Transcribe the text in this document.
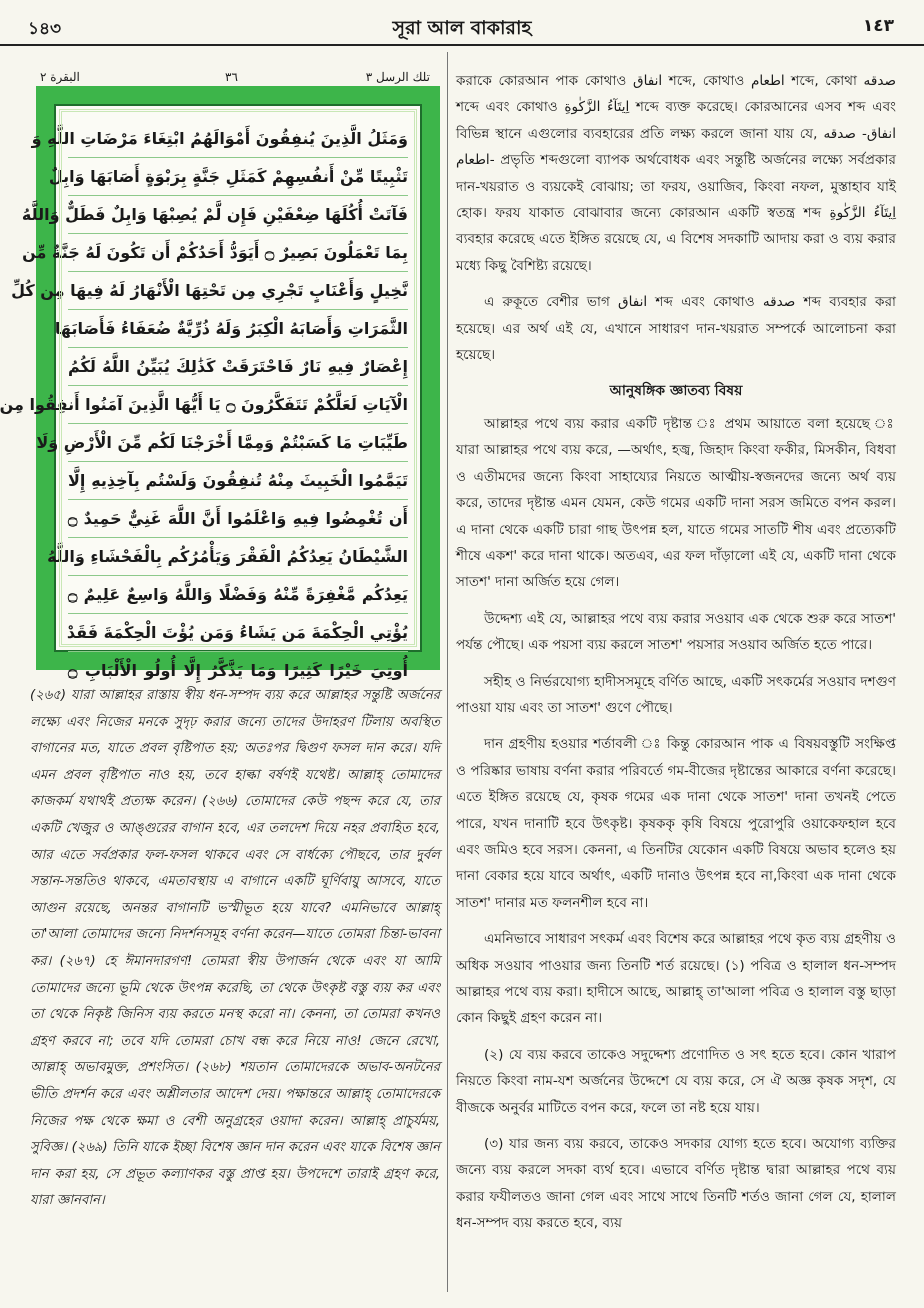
১৪৩	সূরা আল বাকারাহ	١٤٣
البقرة ٢	٣٦	تلك الرسل ٣
وَمَثَلُ الَّذِينَ يُنفِقُونَ أَمْوَالَهُمُ ابْتِغَاءَ مَرْضَاتِ اللَّهِ وَ
تَثْبِيتًا مِّنْ أَنفُسِهِمْ كَمَثَلِ جَنَّةٍ بِرَبْوَةٍ أَصَابَهَا وَابِلٌ
فَآتَتْ أُكُلَهَا ضِعْفَيْنِ فَإِن لَّمْ يُصِبْهَا وَابِلٌ فَطَلٌّ وَاللَّهُ
بِمَا تَعْمَلُونَ بَصِيرٌ ۝ أَيَوَدُّ أَحَدُكُمْ أَن تَكُونَ لَهُ جَنَّةٌ مِّن
نَّخِيلٍ وَأَعْنَابٍ تَجْرِي مِن تَحْتِهَا الْأَنْهَارُ لَهُ فِيهَا مِن كُلِّ
الثَّمَرَاتِ وَأَصَابَهُ الْكِبَرُ وَلَهُ ذُرِّيَّةٌ ضُعَفَاءُ فَأَصَابَهَا
إِعْصَارٌ فِيهِ نَارٌ فَاحْتَرَقَتْ كَذَٰلِكَ يُبَيِّنُ اللَّهُ لَكُمُ
الْآيَاتِ لَعَلَّكُمْ تَتَفَكَّرُونَ ۝ يَا أَيُّهَا الَّذِينَ آمَنُوا أَنفِقُوا مِن
طَيِّبَاتِ مَا كَسَبْتُمْ وَمِمَّا أَخْرَجْنَا لَكُم مِّنَ الْأَرْضِ وَلَا
تَيَمَّمُوا الْخَبِيثَ مِنْهُ تُنفِقُونَ وَلَسْتُم بِآخِذِيهِ إِلَّا
أَن تُغْمِضُوا فِيهِ وَاعْلَمُوا أَنَّ اللَّهَ غَنِيٌّ حَمِيدٌ ۝
الشَّيْطَانُ يَعِدُكُمُ الْفَقْرَ وَيَأْمُرُكُم بِالْفَحْشَاءِ وَاللَّهُ
يَعِدُكُم مَّغْفِرَةً مِّنْهُ وَفَضْلًا وَاللَّهُ وَاسِعٌ عَلِيمٌ ۝
يُؤْتِي الْحِكْمَةَ مَن يَشَاءُ وَمَن يُؤْتَ الْحِكْمَةَ فَقَدْ
أُوتِيَ خَيْرًا كَثِيرًا وَمَا يَذَّكَّرُ إِلَّا أُولُو الْأَلْبَابِ ۝
(২৬৫) যারা আল্লাহর রাস্তায় স্বীয় ধন-সম্পদ ব্যয় করে আল্লাহর সন্তুষ্টি অর্জনের লক্ষ্যে এবং নিজের মনকে সুদৃঢ় করার জন্যে তাদের উদাহরণ টিলায় অবস্থিত বাগানের মত, যাতে প্রবল বৃষ্টিপাত হয়; অতঃপর দ্বিগুণ ফসল দান করে। যদি এমন প্রবল বৃষ্টিপাত নাও হয়, তবে হাল্কা বর্ষণই যথেষ্ট। আল্লাহ্ তোমাদের কাজকর্ম যথার্থই প্রত্যক্ষ করেন। (২৬৬) তোমাদের কেউ পছন্দ করে যে, তার একটি খেজুর ও আঙ্গুরের বাগান হবে, এর তলদেশ দিয়ে নহর প্রবাহিত হবে, আর এতে সর্বপ্রকার ফল-ফসল থাকবে এবং সে বার্ধক্যে পৌছবে, তার দুর্বল সন্তান-সন্ততিও থাকবে, এমতাবস্থায় এ বাগানে একটি ঘূর্ণিবায়ু আসবে, যাতে আগুন রয়েছে, অনন্তর বাগানটি ভস্মীভূত হয়ে যাবে? এমনিভাবে আল্লাহ্ তা'আলা তোমাদের জন্যে নিদর্শনসমূহ বর্ণনা করেন—যাতে তোমরা চিন্তা-ভাবনা কর। (২৬৭) হে ঈমানদারগণ! তোমরা স্বীয় উপার্জন থেকে এবং যা আমি তোমাদের জন্যে ভূমি থেকে উৎপন্ন করেছি, তা থেকে উৎকৃষ্ট বস্তু ব্যয় কর এবং তা থেকে নিকৃষ্ট জিনিস ব্যয় করতে মনস্থ করো না। কেননা, তা তোমরা কখনও গ্রহণ করবে না; তবে যদি তোমরা চোখ বন্ধ করে নিয়ে নাও! জেনে রেখো, আল্লাহ্ অভাবমুক্ত, প্রশংসিত। (২৬৮) শয়তান তোমাদেরকে অভাব-অনটনের ভীতি প্রদর্শন করে এবং অশ্লীলতার আদেশ দেয়। পক্ষান্তরে আল্লাহ্ তোমাদেরকে নিজের পক্ষ থেকে ক্ষমা ও বেশী অনুগ্রহের ওয়াদা করেন। আল্লাহ্ প্রাচুর্যময়, সুবিজ্ঞ। (২৬৯) তিনি যাকে ইচ্ছা বিশেষ জ্ঞান দান করেন এবং যাকে বিশেষ জ্ঞান দান করা হয়, সে প্রভূত কল্যাণকর বস্তু প্রাপ্ত হয়। উপদেশে তারাই গ্রহণ করে, যারা জ্ঞানবান।

করাকে কোরআন পাক কোথাও انفاق শব্দে, কোথাও اطعام শব্দে, কোথা صدقه শব্দে এবং কোথাও اِيتَآءُ الزَّكٰوةِ শব্দে ব্যক্ত করেছে। কোরআনের এসব শব্দ এবং বিভিন্ন স্থানে এগুলোর ব্যবহারের প্রতি লক্ষ্য করলে জানা যায় যে, انفاق- صدقه اطعام- প্রভৃতি শব্দগুলো ব্যাপক অর্থবোধক এবং সন্তুষ্টি অর্জনের লক্ষ্যে সর্বপ্রকার দান-খয়রাত ও ব্যয়কেই বোঝায়; তা ফরয, ওয়াজিব, কিংবা নফল, মুস্তাহাব যাই হোক। ফরয যাকাত বোঝাবার জন্যে কোরআন একটি স্বতন্ত্র শব্দ اِيتَآءُ الزَّكٰوةِ ব্যবহার করেছে এতে ইঙ্গিত রয়েছে যে, এ বিশেষ সদকাটি আদায় করা ও ব্যয় করার মধ্যে কিছু বৈশিষ্ট্য রয়েছে।

এ রুকূতে বেশীর ভাগ انفاق শব্দ এবং কোথাও صدقه শব্দ ব্যবহার করা হয়েছে। এর অর্থ এই যে, এখানে সাধারণ দান-খয়রাত সম্পর্কে আলোচনা করা হয়েছে।

আনুষঙ্গিক জ্ঞাতব্য বিষয়

আল্লাহর পথে ব্যয় করার একটি দৃষ্টান্ত ঃ প্রথম আয়াতে বলা হয়েছে ঃ যারা আল্লাহর পথে ব্যয় করে, —অর্থাৎ, হজ্ব, জিহাদ কিংবা ফকীর, মিসকীন, বিধবা ও এতীমদের জন্যে কিংবা সাহায্যের নিয়তে আত্মীয়-স্বজনদের জন্যে অর্থ ব্যয় করে, তাদের দৃষ্টান্ত এমন যেমন, কেউ গমের একটি দানা সরস জমিতে বপন করল। এ দানা থেকে একটি চারা গাছ উৎপন্ন হল, যাতে গমের সাতটি শীষ এবং প্রত্যেকটি শীষে একশ' করে দানা থাকে। অতএব, এর ফল দাঁড়ালো এই যে, একটি দানা থেকে সাতশ' দানা অর্জিত হয়ে গেল।

উদ্দেশ্য এই যে, আল্লাহর পথে ব্যয় করার সওয়াব এক থেকে শুরু করে সাতশ' পর্যন্ত পৌছে। এক পয়সা ব্যয় করলে সাতশ' পয়সার সওয়াব অর্জিত হতে পারে।

সহীহ ও নির্ভরযোগ্য হাদীসসমূহে বর্ণিত আছে, একটি সৎকর্মের সওয়াব দশগুণ পাওয়া যায় এবং তা সাতশ' গুণে পৌছে।

দান গ্রহণীয় হওয়ার শর্তাবলী ঃ কিন্তু কোরআন পাক এ বিষয়বস্তুটি সংক্ষিপ্ত ও পরিষ্কার ভাষায় বর্ণনা করার পরিবর্তে গম-বীজের দৃষ্টান্তের আকারে বর্ণনা করেছে। এতে ইঙ্গিত রয়েছে যে, কৃষক গমের এক দানা থেকে সাতশ' দানা তখনই পেতে পারে, যখন দানাটি হবে উৎকৃষ্ট। কৃষককৃ কৃষি বিষয়ে পুরোপুরি ওয়াকেফহাল হবে এবং জমিও হবে সরস। কেননা, এ তিনটির যেকোন একটি বিষয়ে অভাব হলেও হয় দানা বেকার হয়ে যাবে অর্থাৎ, একটি দানাও উৎপন্ন হবে না,কিংবা এক দানা থেকে সাতশ' দানার মত ফলনশীল হবে না।

এমনিভাবে সাধারণ সৎকর্ম এবং বিশেষ করে আল্লাহর পথে কৃত ব্যয় গ্রহণীয় ও অধিক সওয়াব পাওয়ার জন্য তিনটি শর্ত রয়েছে। (১) পবিত্র ও হালাল ধন-সম্পদ আল্লাহর পথে ব্যয় করা। হাদীসে আছে, আল্লাহ্ তা'আলা পবিত্র ও হালাল বস্তু ছাড়া কোন কিছুই গ্রহণ করেন না।

(২) যে ব্যয় করবে তাকেও সদুদ্দেশ্য প্রণোদিত ও সৎ হতে হবে। কোন খারাপ নিয়তে কিংবা নাম-যশ অর্জনের উদ্দেশে যে ব্যয় করে, সে ঐ অজ্ঞ কৃষক সদৃশ, যে বীজকে অনুর্বর মাটিতে বপন করে, ফলে তা নষ্ট হয়ে যায়।

(৩) যার জন্য ব্যয় করবে, তাকেও সদকার যোগ্য হতে হবে। অযোগ্য ব্যক্তির জন্যে ব্যয় করলে সদকা ব্যর্থ হবে। এভাবে বর্ণিত দৃষ্টান্ত দ্বারা আল্লাহর পথে ব্যয় করার ফযীলতও জানা গেল এবং সাথে সাথে তিনটি শর্তও জানা গেল যে, হালাল ধন-সম্পদ ব্যয় করতে হবে, ব্যয়
